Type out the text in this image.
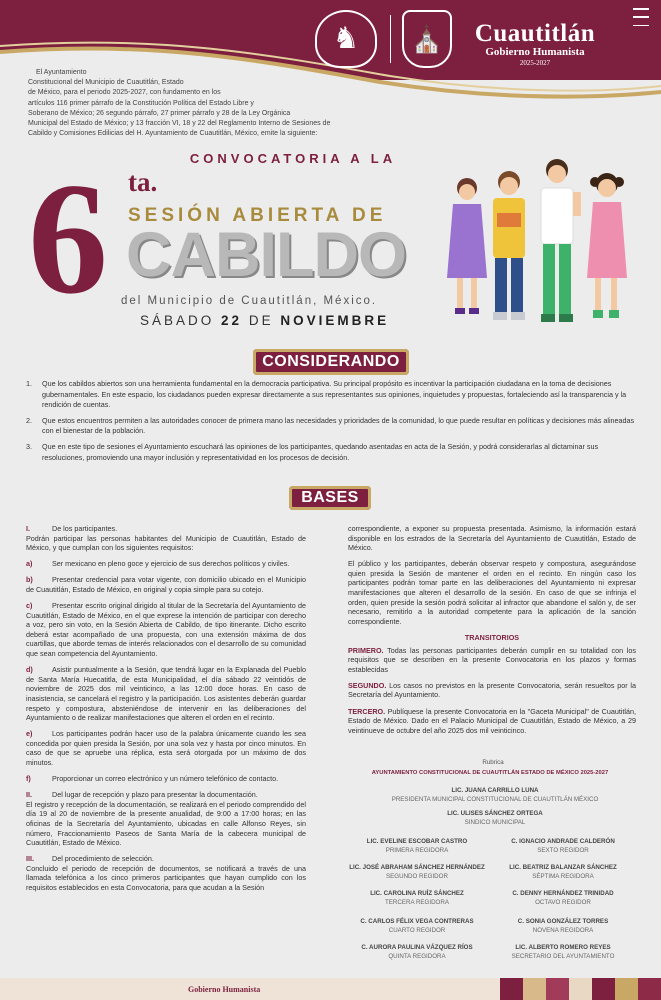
♞	⛪	Cuautitlán
Gobierno Humanista
2025-2027
El Ayuntamiento
Constitucional del Municipio de Cuautitlán, Estado
de México, para el periodo 2025-2027, con fundamento en los
artículos 116 primer párrafo de la Constitución Política del Estado Libre y
Soberano de México; 26 segundo párrafo, 27 primer párrafo y 28 de la Ley Orgánica
Municipal del Estado de México; y 13 fracción VI, 18 y 22 del Reglamento Interno de Sesiones de
Cabildo y Comisiones Edilicias del H. Ayuntamiento de Cuautitlán, México, emite la siguiente:
CONVOCATORIA A LA
6 ta.
SESIÓN ABIERTA DE
CABILDO
del Municipio de Cuautitlán, México.
SÁBADO 22 DE NOVIEMBRE
CONSIDERANDO
1.	Que los cabildos abiertos son una herramienta fundamental en la democracia participativa. Su principal propósito es incentivar la participación ciudadana en la toma de decisiones gubernamentales. En este espacio, los ciudadanos pueden expresar directamente a sus representantes sus opiniones, inquietudes y propuestas, fortaleciendo así la transparencia y la rendición de cuentas.
2.	Que estos encuentros permiten a las autoridades conocer de primera mano las necesidades y prioridades de la comunidad, lo que puede resultar en políticas y decisiones más alineadas con el bienestar de la población.
3.	Que en este tipo de sesiones el Ayuntamiento escuchará las opiniones de los participantes, quedando asentadas en acta de la Sesión, y podrá considerarlas al dictaminar sus resoluciones, promoviendo una mayor inclusión y representatividad en los procesos de decisión.
BASES
I.	De los participantes.
Podrán participar las personas habitantes del Municipio de Cuautitlán, Estado de México, y que cumplan con los siguientes requisitos:
a)	Ser mexicano en pleno goce y ejercicio de sus derechos políticos y civiles.
b)	Presentar credencial para votar vigente, con domicilio ubicado en el Municipio de Cuautitlán, Estado de México, en original y copia simple para su cotejo.
c)	Presentar escrito original dirigido al titular de la Secretaría del Ayuntamiento de Cuautitlán, Estado de México, en el que exprese la intención de participar con derecho a voz, pero sin voto, en la Sesión Abierta de Cabildo, de tipo itinerante. Dicho escrito deberá estar acompañado de una propuesta, con una extensión máxima de dos cuartillas, que aborde temas de interés relacionados con el desarrollo de su comunidad que sean competencia del Ayuntamiento.
d)	Asistir puntualmente a la Sesión, que tendrá lugar en la Explanada del Pueblo de Santa María Huecatitla, de esta Municipalidad, el día sábado 22 veintidós de noviembre de 2025 dos mil veinticinco, a las 12:00 doce horas. En caso de inasistencia, se cancelará el registro y la participación. Los asistentes deberán guardar respeto y compostura, absteniéndose de intervenir en las deliberaciones del Ayuntamiento o de realizar manifestaciones que alteren el orden en el recinto.
e)	Los participantes podrán hacer uso de la palabra únicamente cuando les sea concedida por quien presida la Sesión, por una sola vez y hasta por cinco minutos. En caso de que se apruebe una réplica, esta será otorgada por un máximo de dos minutos.
f)	Proporcionar un correo electrónico y un número telefónico de contacto.
II.	Del lugar de recepción y plazo para presentar la documentación.
El registro y recepción de la documentación, se realizará en el periodo comprendido del día 19 al 20 de noviembre de la presente anualidad, de 9:00 a 17:00 horas; en las oficinas de la Secretaría del Ayuntamiento, ubicadas en calle Alfonso Reyes, sin número, Fraccionamiento Paseos de Santa María de la cabecera municipal de Cuautitlán, Estado de México.
III.	Del procedimiento de selección.
Concluido el periodo de recepción de documentos, se notificará a través de una llamada telefónica a los cinco primeros participantes que hayan cumplido con los requisitos establecidos en esta Convocatoria, para que acudan a la Sesión
correspondiente, a exponer su propuesta presentada. Asimismo, la información estará disponible en los estrados de la Secretaría del Ayuntamiento de Cuautitlán, Estado de México.
El público y los participantes, deberán observar respeto y compostura, asegurándose quien presida la Sesión de mantener el orden en el recinto. En ningún caso los participantes podrán tomar parte en las deliberaciones del Ayuntamiento ni expresar manifestaciones que alteren el desarrollo de la sesión. En caso de que se infrinja el orden, quien preside la sesión podrá solicitar al infractor que abandone el salón y, de ser necesario, remitirlo a la autoridad competente para la aplicación de la sanción correspondiente.
TRANSITORIOS
PRIMERO. Todas las personas participantes deberán cumplir en su totalidad con los requisitos que se describen en la presente Convocatoria en los plazos y formas establecidas
SEGUNDO. Los casos no previstos en la presente Convocatoria, serán resueltos por la Secretaría del Ayuntamiento.
TERCERO. Publíquese la presente Convocatoria en la "Gaceta Municipal" de Cuautitlán, Estado de México. Dado en el Palacio Municipal de Cuautitlán, Estado de México, a 29 veintinueve de octubre del año 2025 dos mil veinticinco.
Rubrica
AYUNTAMIENTO CONSTITUCIONAL DE CUAUTITLÁN ESTADO DE MÉXICO 2025-2027
LIC. JUANA CARRILLO LUNA
PRESIDENTA MUNICIPAL CONSTITUCIONAL DE CUAUTITLÁN MÉXICO
LIC. ULISES SÁNCHEZ ORTEGA
SINDICO MUNICIPAL
LIC. EVELINE ESCOBAR CASTRO
PRIMERA REGIDORA
C. IGNACIO ANDRADE CALDERÓN
SEXTO REGIDOR
LIC. JOSÉ ABRAHAM SÁNCHEZ HERNÁNDEZ
SEGUNDO REGIDOR
LIC. BEATRIZ BALANZAR SÁNCHEZ
SÉPTIMA REGIDORA
LIC. CAROLINA RUÍZ SÁNCHEZ
TERCERA REGIDORA
C. DENNY HERNÁNDEZ TRINIDAD
OCTAVO REGIDOR
C. CARLOS FÉLIX VEGA CONTRERAS
CUARTO REGIDOR
C. SONIA GONZÁLEZ TORRES
NOVENA REGIDORA
C. AURORA PAULINA VÁZQUEZ RÍOS
QUINTA REGIDORA
LIC. ALBERTO ROMERO REYES
SECRETARIO DEL AYUNTAMIENTO
Gobierno Humanista
